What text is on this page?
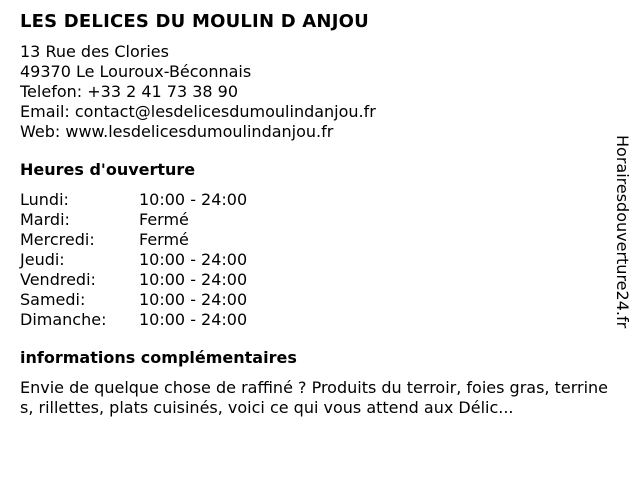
LES DELICES DU MOULIN D ANJOU
13 Rue des Clories
49370 Le Louroux-Béconnais
Telefon: +33 2 41 73 38 90
Email: contact@lesdelicesdumoulindanjou.fr
Web: www.lesdelicesdumoulindanjou.fr
Heures d'ouverture
Lundi:	10:00 - 24:00
Mardi:	Fermé
Mercredi:	Fermé
Jeudi:	10:00 - 24:00
Vendredi:	10:00 - 24:00
Samedi:	10:00 - 24:00
Dimanche:	10:00 - 24:00
informations complémentaires
Envie de quelque chose de raffiné ? Produits du terroir, foies gras, terrines, rillettes, plats cuisinés, voici ce qui vous attend aux Délic...
Horairesdouverture24.fr
